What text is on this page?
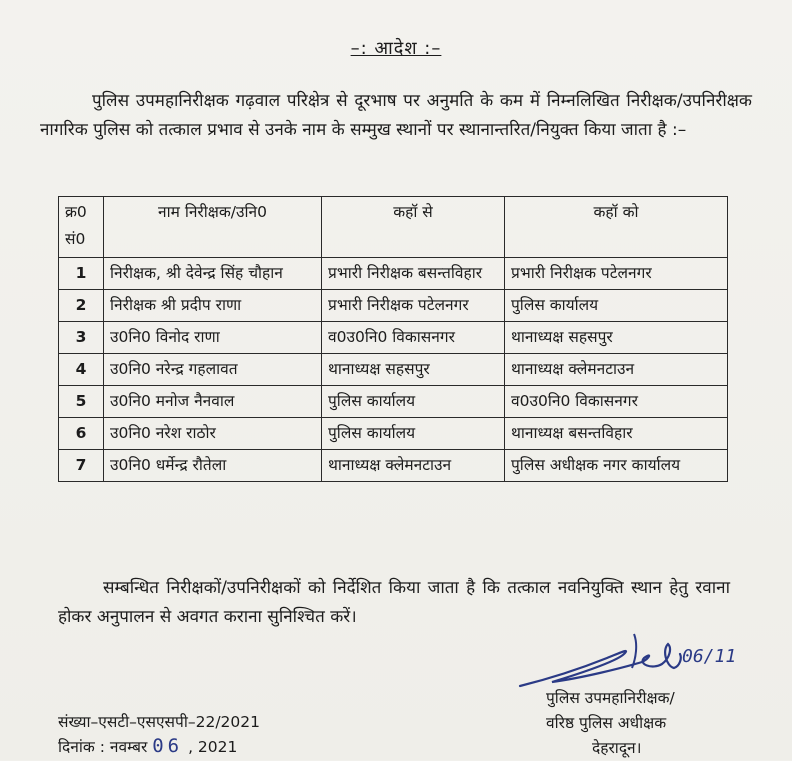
–: आदेश :–

पुलिस उपमहानिरीक्षक गढ़वाल परिक्षेत्र से दूरभाष पर अनुमति के कम में निम्नलिखित निरीक्षक/उपनिरीक्षक नागरिक पुलिस को तत्काल प्रभाव से उनके नाम के सम्मुख स्थानों पर स्थानान्तरित/नियुक्त किया जाता है :–

क्र0 सं0	नाम निरीक्षक/उनि0	कहॉ से	कहॉ को
1	निरीक्षक, श्री देवेन्द्र सिंह चौहान	प्रभारी निरीक्षक बसन्तविहार	प्रभारी निरीक्षक पटेलनगर
2	निरीक्षक श्री प्रदीप राणा	प्रभारी निरीक्षक पटेलनगर	पुलिस कार्यालय
3	उ0नि0 विनोद राणा	व0उ0नि0 विकासनगर	थानाध्यक्ष सहसपुर
4	उ0नि0 नरेन्द्र गहलावत	थानाध्यक्ष सहसपुर	थानाध्यक्ष क्लेमनटाउन
5	उ0नि0 मनोज नैनवाल	पुलिस कार्यालय	व0उ0नि0 विकासनगर
6	उ0नि0 नरेश राठोर	पुलिस कार्यालय	थानाध्यक्ष बसन्तविहार
7	उ0नि0 धर्मेन्द्र रौतेला	थानाध्यक्ष क्लेमनटाउन	पुलिस अधीक्षक नगर कार्यालय

सम्बन्धित निरीक्षकों/उपनिरीक्षकों को निर्देशित किया जाता है कि तत्काल नवनियुक्ति स्थान हेतु रवाना होकर अनुपालन से अवगत कराना सुनिश्चित करें।

06/11
पुलिस उपमहानिरीक्षक/
वरिष्ठ पुलिस अधीक्षक
देहरादून।
संख्या–एसटी–एसएसपी–22/2021
दिनांक : नवम्बर 06 , 2021
